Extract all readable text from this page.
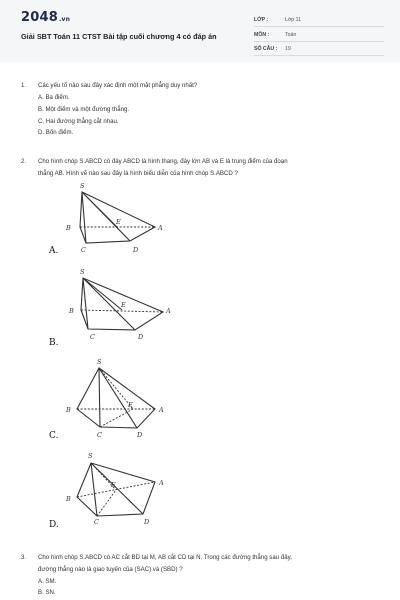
2048.vn
Giải SBT Toán 11 CTST Bài tập cuối chương 4 có đáp án
LỚP :	Lớp 11
MÔN :	Toán
SỐ CÂU : 19
1. Các yếu tố nào sau đây xác định một mặt phẳng duy nhất?
A. Ba điểm.
B. Một điểm và một đường thẳng.
C. Hai đường thẳng cắt nhau.
D. Bốn điểm.
2. Cho hình chóp S.ABCD có đáy ABCD là hình thang, đáy lớn AB và E là trung điểm của đoạn
thẳng AB. Hình vẽ nào sau đây là hình biểu diễn của hình chóp S.ABCD ?
S
B
E
A
C	D
A.
S
B
E
A
C	D
B.
S
B
E
A
C	D
C.
S
B
E	A
C	D
D.
3. Cho hình chóp S.ABCD có AC cắt BD tại M, AB cắt CD tại N. Trong các đường thẳng sau đây,
đường thẳng nào là giao tuyến của (SAC) và (SBD) ?
A. SM.
B. SN.
